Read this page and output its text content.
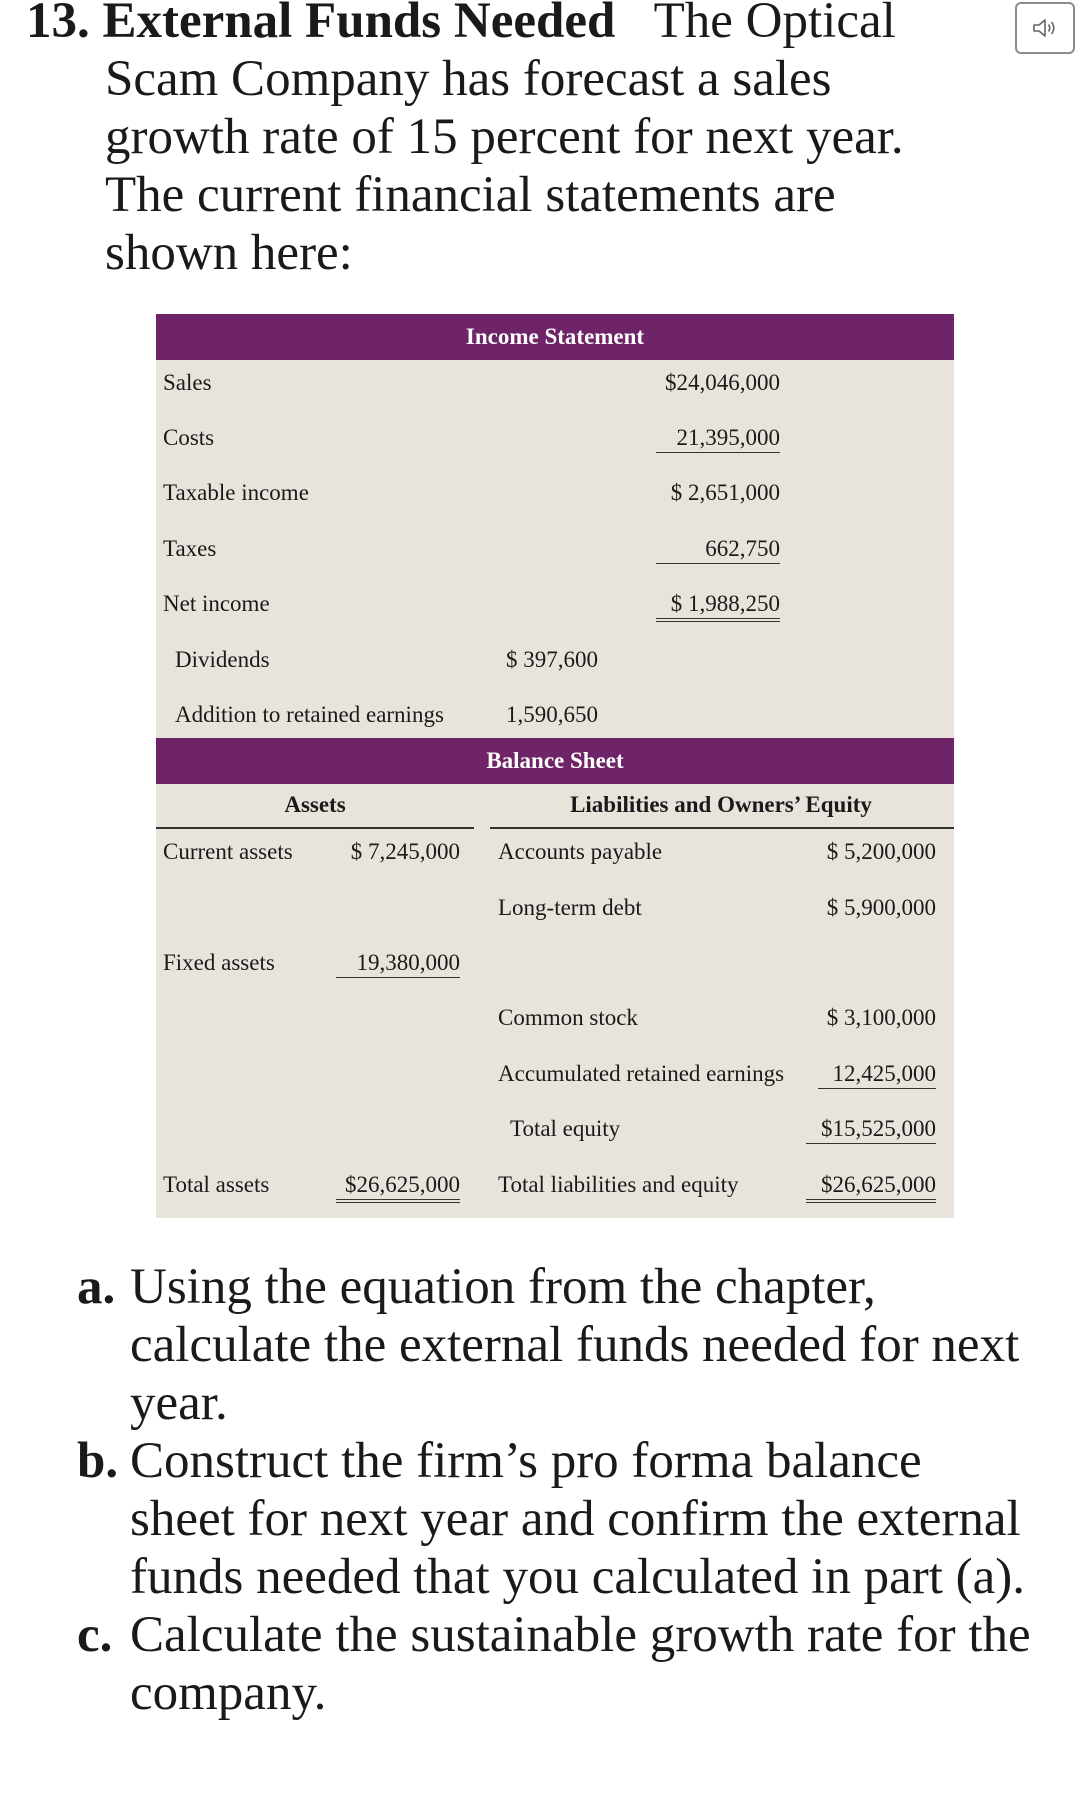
13. External Funds Needed The Optical
Scam Company has forecast a sales growth rate of 15 percent for next year. The current financial statements are shown here:
Income Statement
Sales	$24,046,000
Costs	21,395,000
Taxable income	$ 2,651,000
Taxes	662,750
Net income	$ 1,988,250
Dividends	$ 397,600
Addition to retained earnings	1,590,650
Balance Sheet
Assets	Liabilities and Owners’ Equity
Current assets	$ 7,245,000 Accounts payable	$ 5,200,000
Long-term debt	$ 5,900,000
Fixed assets	19,380,000
Common stock	$ 3,100,000
Accumulated retained earnings	12,425,000
Total equity	$15,525,000
Total assets	$26,625,000 Total liabilities and equity	$26,625,000
a. Using the equation from the chapter, calculate the external funds needed for next year.
b. Construct the firm’s pro forma balance sheet for next year and confirm the external funds needed that you calculated in part (a).
c. Calculate the sustainable growth rate for the company.
